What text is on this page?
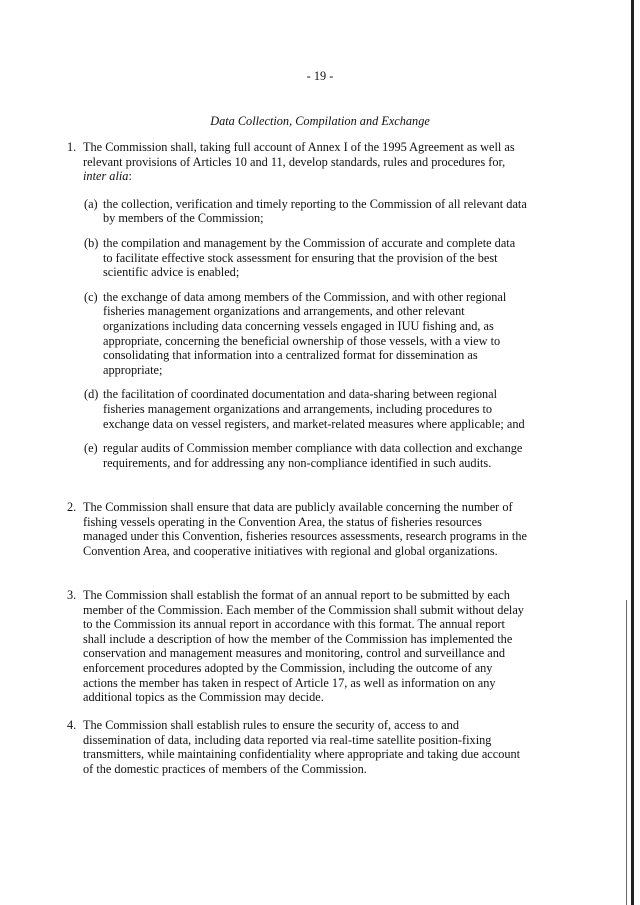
- 19 -
Data Collection, Compilation and Exchange
1. The Commission shall, taking full account of Annex I of the 1995 Agreement as well as relevant provisions of Articles 10 and 11, develop standards, rules and procedures for, inter alia:
(a) the collection, verification and timely reporting to the Commission of all relevant data by members of the Commission;
(b) the compilation and management by the Commission of accurate and complete data to facilitate effective stock assessment for ensuring that the provision of the best scientific advice is enabled;
(c) the exchange of data among members of the Commission, and with other regional fisheries management organizations and arrangements, and other relevant organizations including data concerning vessels engaged in IUU fishing and, as appropriate, concerning the beneficial ownership of those vessels, with a view to consolidating that information into a centralized format for dissemination as appropriate;
(d) the facilitation of coordinated documentation and data-sharing between regional fisheries management organizations and arrangements, including procedures to exchange data on vessel registers, and market-related measures where applicable; and
(e) regular audits of Commission member compliance with data collection and exchange requirements, and for addressing any non-compliance identified in such audits.
2. The Commission shall ensure that data are publicly available concerning the number of fishing vessels operating in the Convention Area, the status of fisheries resources managed under this Convention, fisheries resources assessments, research programs in the Convention Area, and cooperative initiatives with regional and global organizations.
3. The Commission shall establish the format of an annual report to be submitted by each member of the Commission. Each member of the Commission shall submit without delay to the Commission its annual report in accordance with this format. The annual report shall include a description of how the member of the Commission has implemented the conservation and management measures and monitoring, control and surveillance and enforcement procedures adopted by the Commission, including the outcome of any actions the member has taken in respect of Article 17, as well as information on any additional topics as the Commission may decide.
4. The Commission shall establish rules to ensure the security of, access to and dissemination of data, including data reported via real-time satellite position-fixing transmitters, while maintaining confidentiality where appropriate and taking due account of the domestic practices of members of the Commission.
